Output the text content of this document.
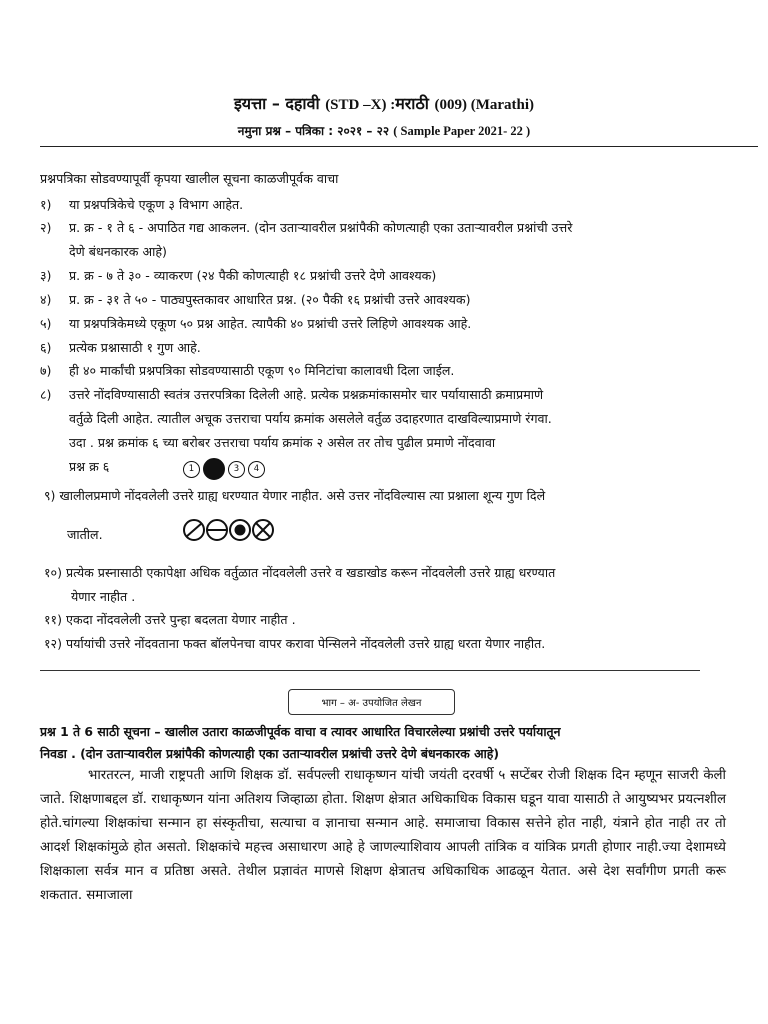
इयत्ता – दहावी (STD –X) :मराठी (009) (Marathi)
नमुना प्रश्न – पत्रिका : २०२१ – २२ ( Sample Paper 2021- 22 )
प्रश्नपत्रिका सोडवण्यापूर्वी कृपया खालील सूचना काळजीपूर्वक वाचा
१) या प्रश्नपत्रिकेचे एकूण ३ विभाग आहेत.
२) प्र. क्र - १ ते ६ - अपाठित गद्य आकलन. (दोन उताऱ्यावरील प्रश्नांपैकी कोणत्याही एका उताऱ्यावरील प्रश्नांची उत्तरे
देणे बंधनकारक आहे)
३) प्र. क्र - ७ ते ३० - व्याकरण (२४ पैकी कोणत्याही १८ प्रश्नांची उत्तरे देणे आवश्यक)
४) प्र. क्र - ३१ ते ५० - पाठ्यपुस्तकावर आधारित प्रश्न. (२० पैकी १६ प्रश्नांची उत्तरे आवश्यक)
५) या प्रश्नपत्रिकेमध्ये एकूण ५० प्रश्न आहेत. त्यापैकी ४० प्रश्नांची उत्तरे लिहिणे आवश्यक आहे.
६) प्रत्येक प्रश्नासाठी १ गुण आहे.
७) ही ४० मार्कांची प्रश्नपत्रिका सोडवण्यासाठी एकूण ९० मिनिटांचा कालावधी दिला जाईल.
८) उत्तरे नोंदविण्यासाठी स्वतंत्र उत्तरपत्रिका दिलेली आहे. प्रत्येक प्रश्नक्रमांकासमोर चार पर्यायासाठी क्रमाप्रमाणे
वर्तुळे दिली आहेत. त्यातील अचूक उत्तराचा पर्याय क्रमांक असलेले वर्तुळ उदाहरणात दाखविल्याप्रमाणे रंगवा.
उदा . प्रश्न क्रमांक ६ च्या बरोबर उत्तराचा पर्याय क्रमांक २ असेल तर तोच पुढील प्रमाणे नोंदवावा
प्रश्न क्र ६	1	3	4
९) खालीलप्रमाणे नोंदवलेली उत्तरे ग्राह्य धरण्यात येणार नाहीत. असे उत्तर नोंदविल्यास त्या प्रश्नाला शून्य गुण दिले
जातील.
१०) प्रत्येक प्रस्नासाठी एकापेक्षा अधिक वर्तुळात नोंदवलेली उत्तरे व खडाखोड करून नोंदवलेली उत्तरे ग्राह्य धरण्यात
येणार नाहीत .
११) एकदा नोंदवलेली उत्तरे पुन्हा बदलता येणार नाहीत .
१२) पर्यायांची उत्तरे नोंदवताना फक्त बॉलपेनचा वापर करावा पेन्सिलने नोंदवलेली उत्तरे ग्राह्य धरता येणार नाहीत.
भाग – अ- उपयोजित लेखन
प्रश्न 1 ते 6 साठी सूचना – खालील उतारा काळजीपूर्वक वाचा व त्यावर आधारित विचारलेल्या प्रश्नांची उत्तरे पर्यायातून
निवडा . (दोन उताऱ्यावरील प्रश्नांपैकी कोणत्याही एका उताऱ्यावरील प्रश्नांची उत्तरे देणे बंधनकारक आहे)
भारतरत्न, माजी राष्ट्रपती आणि शिक्षक डॉ. सर्वपल्ली राधाकृष्णन यांची जयंती दरवर्षी ५ सप्टेंबर रोजी शिक्षक दिन म्हणून साजरी केली जाते. शिक्षणाबद्दल डॉ. राधाकृष्णन यांना अतिशय जिव्हाळा होता. शिक्षण क्षेत्रात अधिकाधिक विकास घडून यावा यासाठी ते आयुष्यभर प्रयत्नशील होते.चांगल्या शिक्षकांचा सन्मान हा संस्कृतीचा, सत्याचा व ज्ञानाचा सन्मान आहे. समाजाचा विकास सत्तेने होत नाही, यंत्राने होत नाही तर तो आदर्श शिक्षकांमुळे होत असतो. शिक्षकांचे महत्त्व असाधारण आहे हे जाणल्याशिवाय आपली तांत्रिक व यांत्रिक प्रगती होणार नाही.ज्या देशामध्ये शिक्षकाला सर्वत्र मान व प्रतिष्ठा असते. तेथील प्रज्ञावंत माणसे शिक्षण क्षेत्रातच अधिकाधिक आढळून येतात. असे देश सर्वांगीण प्रगती करू शकतात. समाजाला
